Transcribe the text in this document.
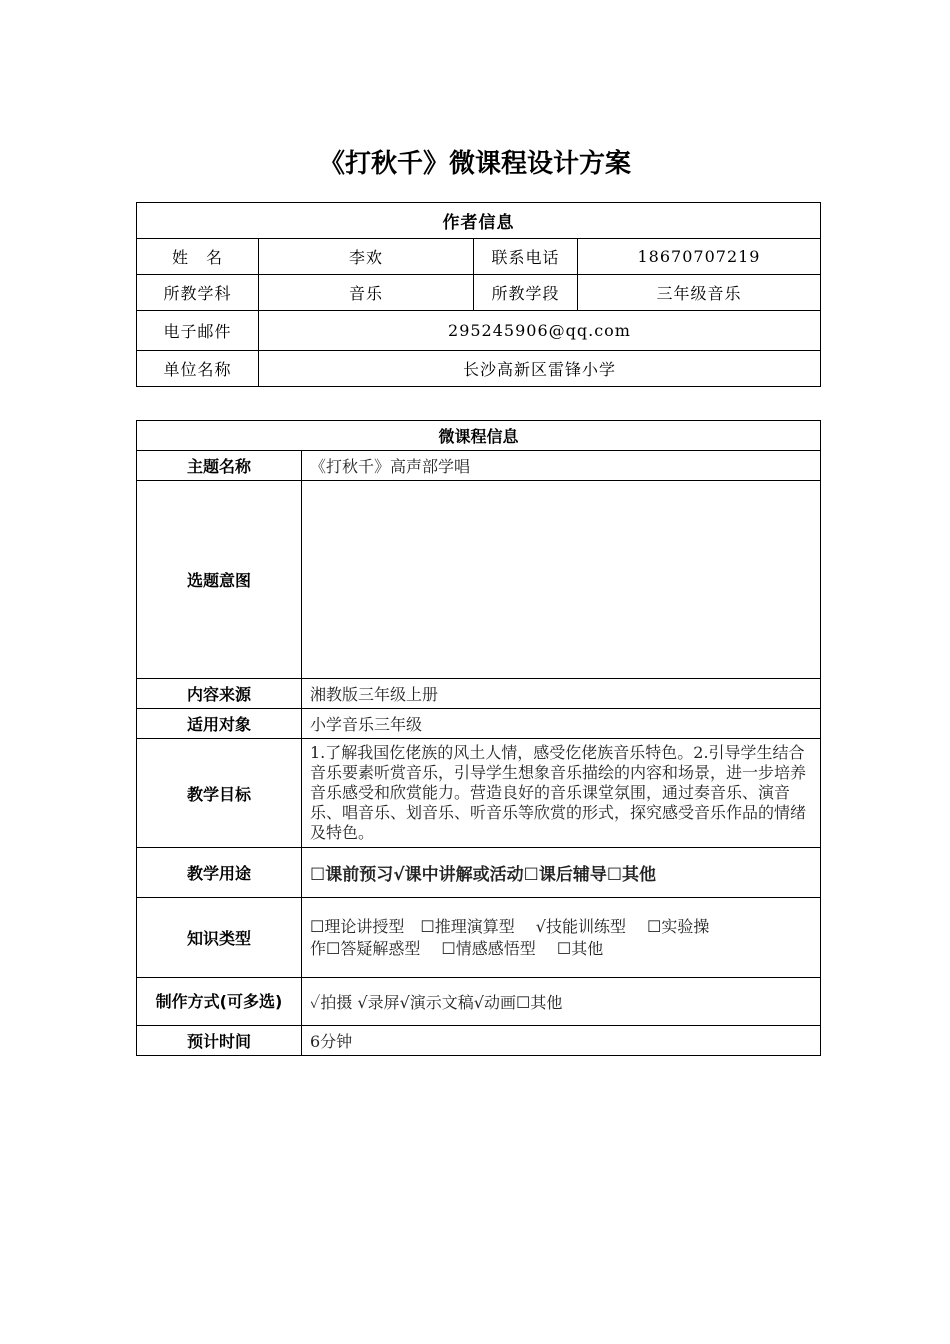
《打秋千》微课程设计方案
作者信息			
姓　名	李欢	联系电话	18670707219
所教学科	音乐	所教学段	三年级音乐
电子邮件	295245906@qq.com		
单位名称	长沙高新区雷锋小学		
微课程信息	
主题名称	《打秋千》高声部学唱
选题意图	
内容来源	湘教版三年级上册
适用对象	小学音乐三年级
教学目标	1.了解我国仡佬族的风土人情，感受仡佬族音乐特色。2.引导学生结合音乐要素听赏音乐，引导学生想象音乐描绘的内容和场景，进一步培养音乐感受和欣赏能力。营造良好的音乐课堂氛围，通过奏音乐、演音乐、唱音乐、划音乐、听音乐等欣赏的形式，探究感受音乐作品的情绪及特色。
教学用途	☐课前预习√课中讲解或活动☐课后辅导☐其他
知识类型	☐理论讲授型　☐推理演算型　 √技能训练型　 ☐实验操
作☐答疑解惑型　 ☐情感感悟型　 ☐其他

制作方式(可多选)	✓拍摄 √录屏√演示文稿√动画☐其他
预计时间	6分钟
